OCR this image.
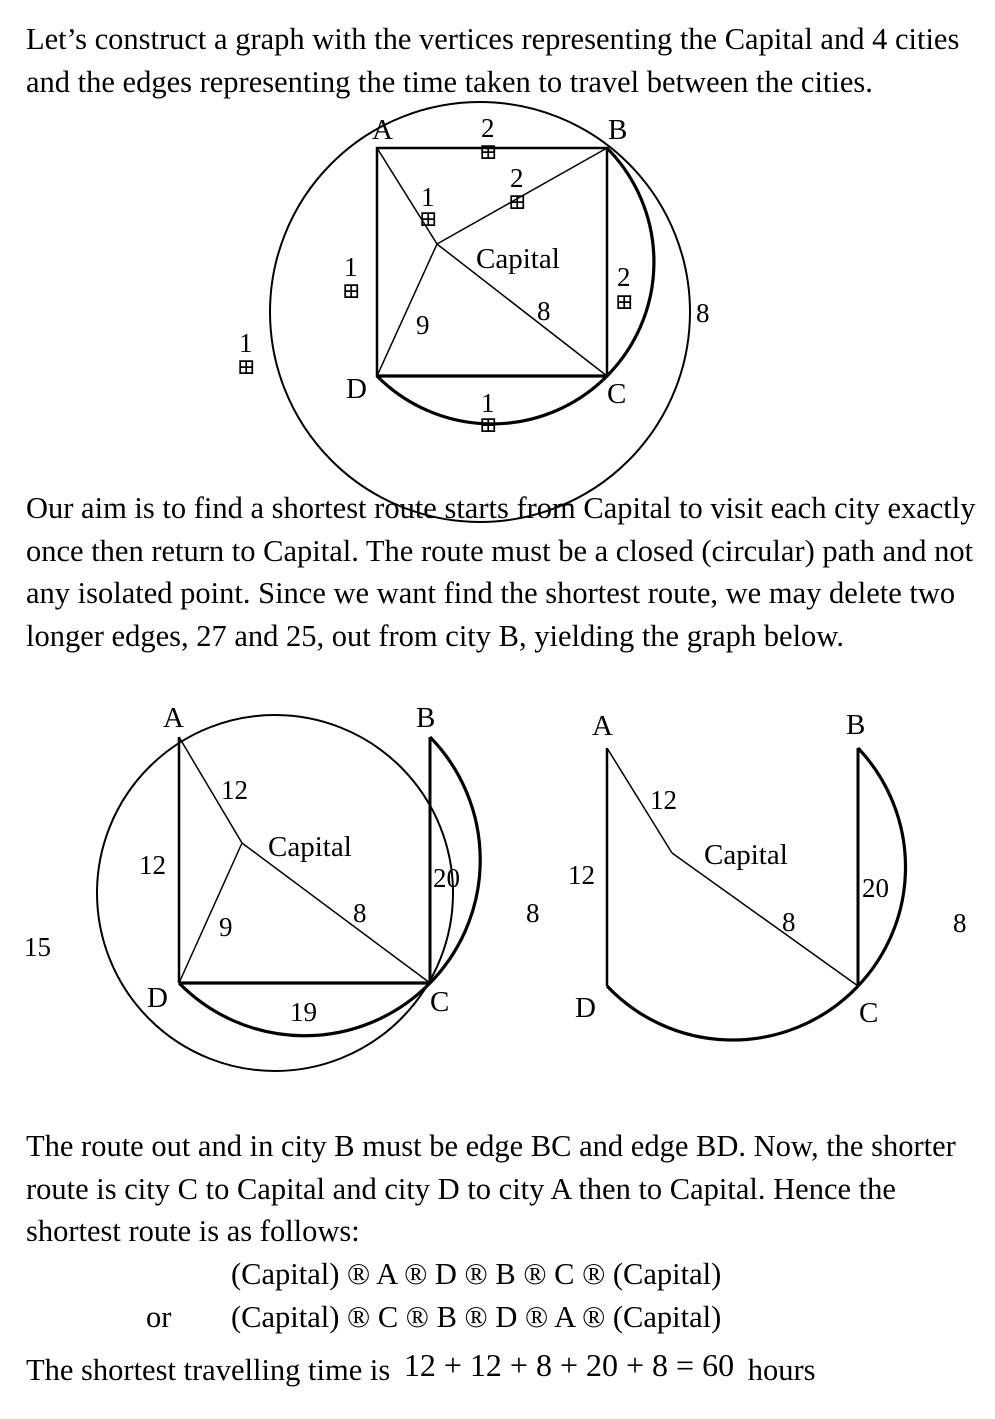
Let’s construct a graph with the vertices representing the Capital and 4 cities and the edges representing the time taken to travel between the cities.

A	B
C
D
Capital
2
2
1
1	2
1
1
9	8	8
⊞
⊞
⊞
⊞	⊞
⊞
⊞
A	B
C
D
Capital
12
12
9	8
20
19
15
8
A	B
C
D
Capital
12
12
8
20
8

Our aim is to find a shortest route starts from Capital to visit each city exactly once then return to Capital. The route must be a closed (circular) path and not any isolated point. Since we want find the shortest route, we may delete two longer edges, 27 and 25, out from city B, yielding the graph below.

The route out and in city B must be edge BC and edge BD. Now, the shorter route is city C to Capital and city D to city A then to Capital. Hence the shortest route is as follows:

(Capital) ® A ® D ® B ® C ® (Capital)
or (Capital) ® C ® B ® D ® A ® (Capital)
The shortest travelling time is 12 + 12 + 8 + 20 + 8 = 60 hours
